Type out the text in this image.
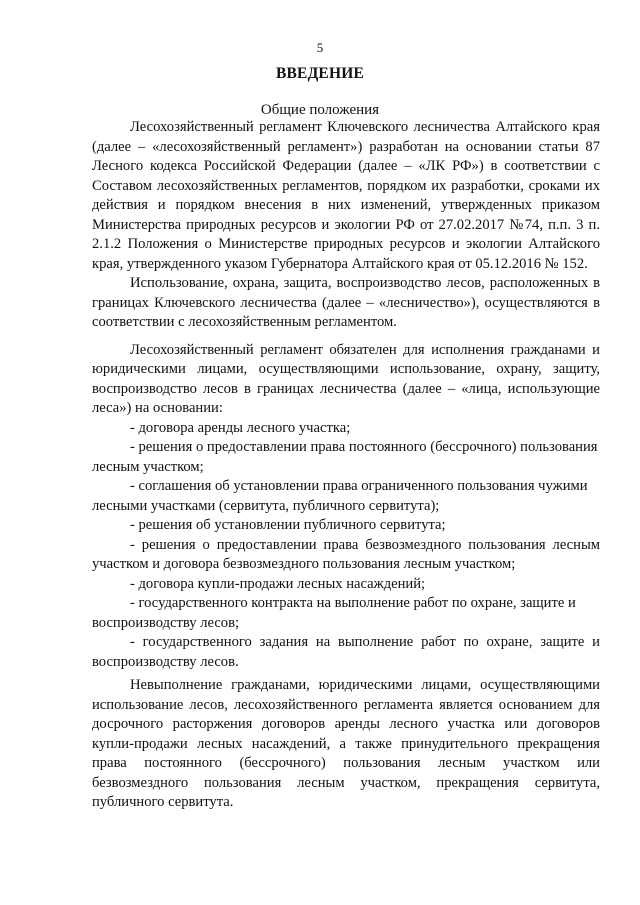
5
ВВЕДЕНИЕ
Общие положения

Лесохозяйственный регламент Ключевского лесничества Алтайского края (далее – «лесохозяйственный регламент») разработан на основании статьи 87 Лесного кодекса Российской Федерации (далее – «ЛК РФ») в соответствии с Составом лесохозяйственных регламентов, порядком их разработки, сроками их действия и порядком внесения в них изменений, утвержденных приказом Министерства природных ресурсов и экологии РФ от 27.02.2017 №74, п.п. 3 п. 2.1.2 Положения о Министерстве природных ресурсов и экологии Алтайского края, утвержденного указом Губернатора Алтайского края от 05.12.2016 № 152.

Использование, охрана, защита, воспроизводство лесов, расположенных в границах Ключевского лесничества (далее – «лесничество»), осуществляются в соответствии с лесохозяйственным регламентом.

Лесохозяйственный регламент обязателен для исполнения гражданами и юридическими лицами, осуществляющими использование, охрану, защиту, воспроизводство лесов в границах лесничества (далее – «лица, использующие леса») на основании:

- договора аренды лесного участка;

- решения о предоставлении права постоянного (бессрочного) пользования лесным участком;

- соглашения об установлении права ограниченного пользования чужими лесными участками (сервитута, публичного сервитута);

- решения об установлении публичного сервитута;

- решения о предоставлении права безвозмездного пользования лесным участком и договора безвозмездного пользования лесным участком;

- договора купли-продажи лесных насаждений;

- государственного контракта на выполнение работ по охране, защите и воспроизводству лесов;

- государственного задания на выполнение работ по охране, защите и воспроизводству лесов.

Невыполнение гражданами, юридическими лицами, осуществляющими использование лесов, лесохозяйственного регламента является основанием для досрочного расторжения договоров аренды лесного участка или договоров купли-продажи лесных насаждений, а также принудительного прекращения права постоянного (бессрочного) пользования лесным участком или безвозмездного пользования лесным участком, прекращения сервитута, публичного сервитута.
